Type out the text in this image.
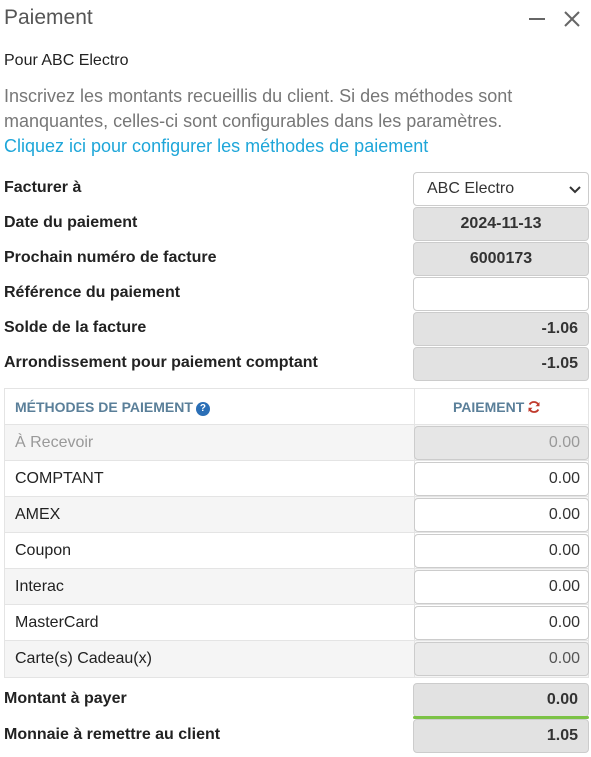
Paiement
Pour ABC Electro
Inscrivez les montants recueillis du client. Si des méthodes sont manquantes, celles-ci sont configurables dans les paramètres.
Cliquez ici pour configurer les méthodes de paiement
Facturer à	ABC Electro
Date du paiement	2024-11-13
Prochain numéro de facture	6000173
Référence du paiement
Solde de la facture	-1.06
Arrondissement pour paiement comptant	-1.05
MÉTHODES DE PAIEMENT ?	PAIEMENT
À Recevoir	0.00
COMPTANT	0.00
AMEX	0.00
Coupon	0.00
Interac	0.00
MasterCard	0.00
Carte(s) Cadeau(x)	0.00
Montant à payer	0.00
Monnaie à remettre au client	1.05
